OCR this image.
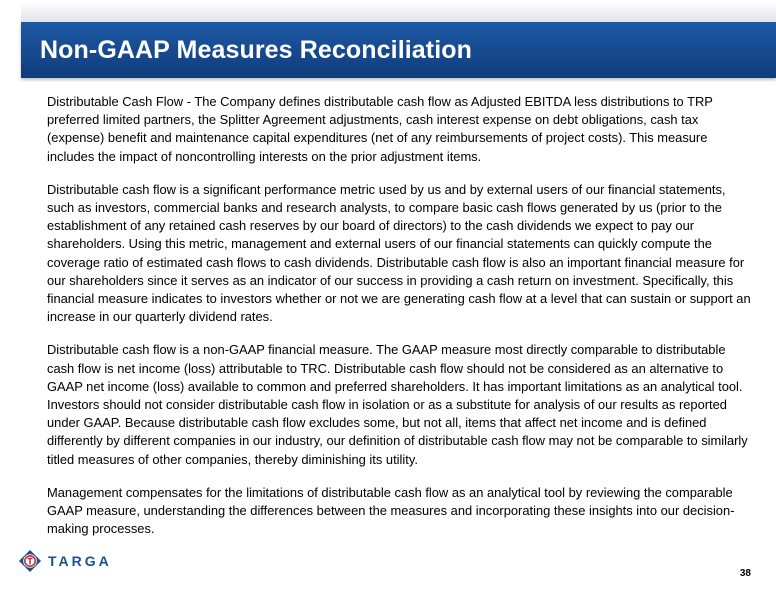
Non-GAAP Measures Reconciliation

Distributable Cash Flow - The Company defines distributable cash flow as Adjusted EBITDA less distributions to TRP preferred limited partners, the Splitter Agreement adjustments, cash interest expense on debt obligations, cash tax (expense) benefit and maintenance capital expenditures (net of any reimbursements of project costs). This measure includes the impact of noncontrolling interests on the prior adjustment items.

Distributable cash flow is a significant performance metric used by us and by external users of our financial statements, such as investors, commercial banks and research analysts, to compare basic cash flows generated by us (prior to the establishment of any retained cash reserves by our board of directors) to the cash dividends we expect to pay our shareholders. Using this metric, management and external users of our financial statements can quickly compute the coverage ratio of estimated cash flows to cash dividends. Distributable cash flow is also an important financial measure for our shareholders since it serves as an indicator of our success in providing a cash return on investment. Specifically, this financial measure indicates to investors whether or not we are generating cash flow at a level that can sustain or support an increase in our quarterly dividend rates.

Distributable cash flow is a non-GAAP financial measure. The GAAP measure most directly comparable to distributable cash flow is net income (loss) attributable to TRC. Distributable cash flow should not be considered as an alternative to GAAP net income (loss) available to common and preferred shareholders. It has important limitations as an analytical tool. Investors should not consider distributable cash flow in isolation or as a substitute for analysis of our results as reported under GAAP. Because distributable cash flow excludes some, but not all, items that affect net income and is defined differently by different companies in our industry, our definition of distributable cash flow may not be comparable to similarly titled measures of other companies, thereby diminishing its utility.

Management compensates for the limitations of distributable cash flow as an analytical tool by reviewing the comparable GAAP measure, understanding the differences between the measures and incorporating these insights into our decision-making processes.

TARGA
38
